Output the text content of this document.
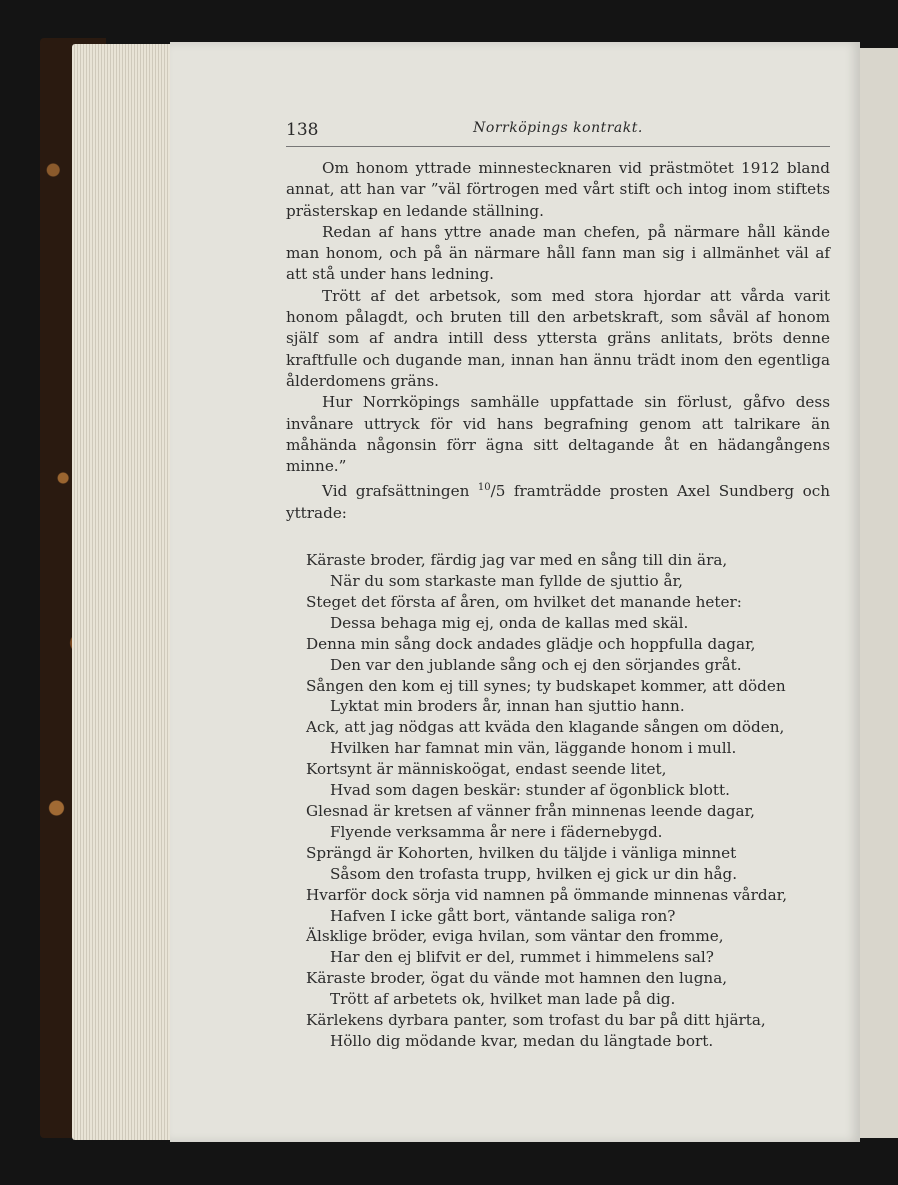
138	Norrköpings kontrakt.

Om honom yttrade minnestecknaren vid prästmötet 1912 bland annat, att han var ”väl förtrogen med vårt stift och intog inom stiftets prästerskap en ledande ställning.

Redan af hans yttre anade man chefen, på närmare håll kände man honom, och på än närmare håll fann man sig i allmänhet väl af att stå under hans ledning.

Trött af det arbetsok, som med stora hjordar att vårda varit honom pålagdt, och bruten till den arbetskraft, som såväl af honom själf som af andra intill dess yttersta gräns anlitats, bröts denne kraftfulle och dugande man, innan han ännu trädt inom den egentliga ålderdomens gräns.

Hur Norrköpings samhälle uppfattade sin förlust, gåfvo dess invånare uttryck för vid hans begrafning genom att talrikare än måhända någonsin förr ägna sitt deltagande åt en hädangångens minne.”

Vid grafsättningen $^{10}$/5 framträdde prosten Axel Sundberg och yttrade:

Käraste broder, färdig jag var med en sång till din ära,
När du som starkaste man fyllde de sjuttio år,
Steget det första af åren, om hvilket det manande heter:
Dessa behaga mig ej, onda de kallas med skäl.
Denna min sång dock andades glädje och hoppfulla dagar,
Den var den jublande sång och ej den sörjandes gråt.
Sången den kom ej till synes; ty budskapet kommer, att döden
Lyktat min broders år, innan han sjuttio hann.
Ack, att jag nödgas att kväda den klagande sången om döden,
Hvilken har famnat min vän, läggande honom i mull.
Kortsynt är människoögat, endast seende litet,
Hvad som dagen beskär: stunder af ögonblick blott.
Glesnad är kretsen af vänner från minnenas leende dagar,
Flyende verksamma år nere i fädernebygd.
Sprängd är Kohorten, hvilken du täljde i vänliga minnet
Såsom den trofasta trupp, hvilken ej gick ur din håg.
Hvarför dock sörja vid namnen på ömmande minnenas vårdar,
Hafven I icke gått bort, väntande saliga ron?
Älsklige bröder, eviga hvilan, som väntar den fromme,
Har den ej blifvit er del, rummet i himmelens sal?
Käraste broder, ögat du vände mot hamnen den lugna,
Trött af arbetets ok, hvilket man lade på dig.
Kärlekens dyrbara panter, som trofast du bar på ditt hjärta,
Höllo dig mödande kvar, medan du längtade bort.
